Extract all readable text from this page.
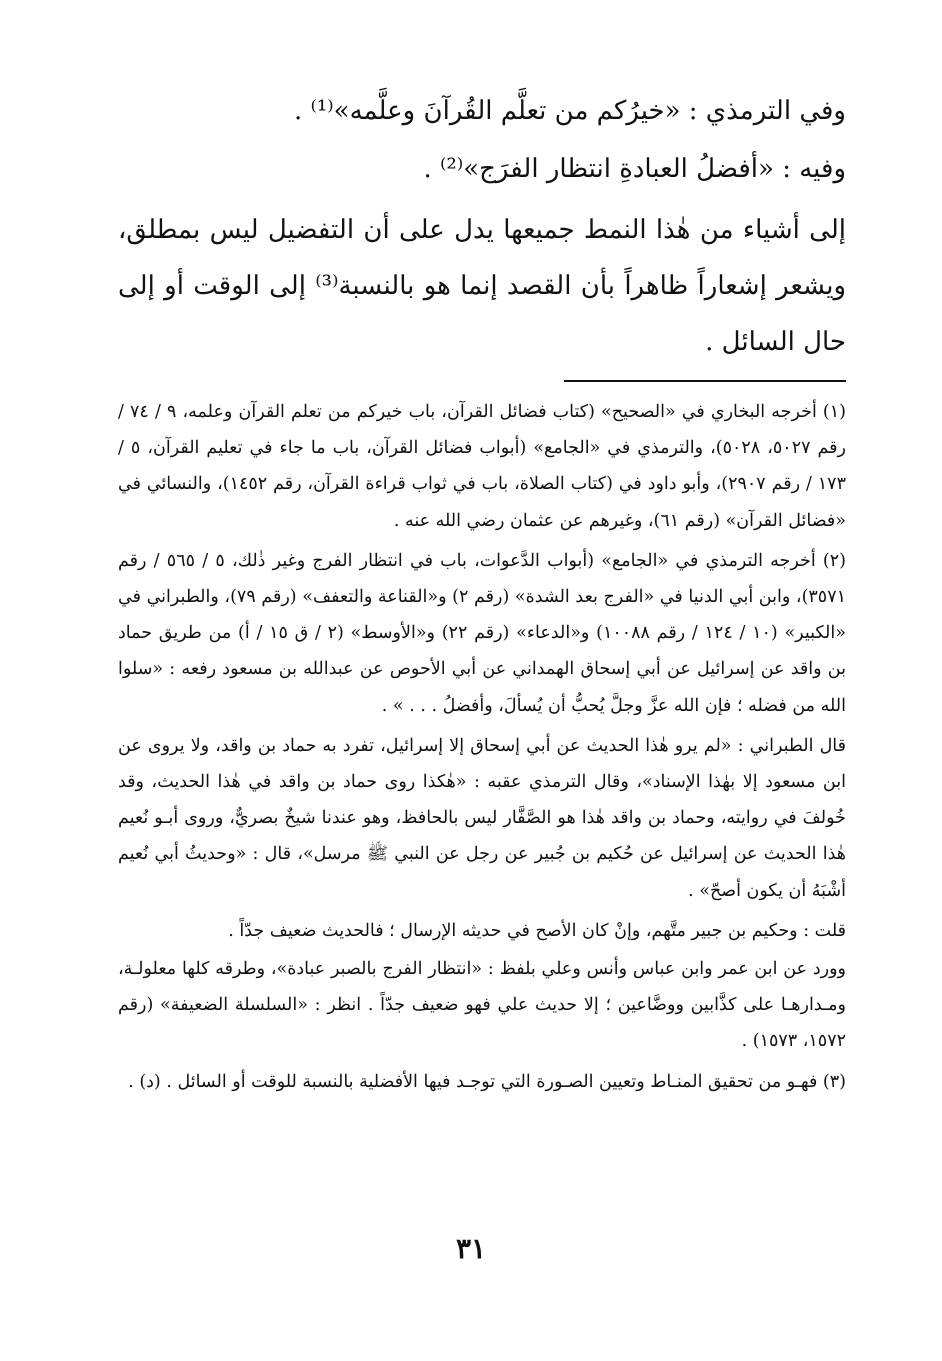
وفي الترمذي : «خيرُكم من تعلَّم القُرآنَ وعلَّمه»⁽¹⁾ .

وفيه : «أفضلُ العبادةِ انتظار الفرَج»⁽²⁾ .

إلى أشياء من هٰذا النمط جميعها يدل على أن التفضيل ليس بمطلق، ويشعر إشعاراً ظاهراً بأن القصد إنما هو بالنسبة⁽³⁾ إلى الوقت أو إلى حال السائل .

(١) أخرجه البخاري في «الصحيح» (كتاب فضائل القرآن، باب خيركم من تعلم القرآن وعلمه، ٩ / ٧٤ / رقم ٥٠٢٧، ٥٠٢٨)، والترمذي في «الجامع» (أبواب فضائل القرآن، باب ما جاء في تعليم القرآن، ٥ / ١٧٣ / رقم ٢٩٠٧)، وأبو داود في (كتاب الصلاة، باب في ثواب قراءة القرآن، رقم ١٤٥٢)، والنسائي في «فضائل القرآن» (رقم ٦١)، وغيرهم عن عثمان رضي الله عنه .

(٢) أخرجه الترمذي في «الجامع» (أبواب الدَّعوات، باب في انتظار الفرج وغير ذٰلك، ٥ / ٥٦٥ / رقم ٣٥٧١)، وابن أبي الدنيا في «الفرج بعد الشدة» (رقم ٢) و«القناعة والتعفف» (رقم ٧٩)، والطبراني في «الكبير» (١٠ / ١٢٤ / رقم ١٠٠٨٨) و«الدعاء» (رقم ٢٢) و«الأوسط» (٢ / ق ١٥ / أ) من طريق حماد بن واقد عن إسرائيل عن أبي إسحاق الهمداني عن أبي الأحوص عن عبدالله بن مسعود رفعه : «سلوا الله من فضله ؛ فإن الله عزَّ وجلَّ يُحبُّ أن يُسألَ، وأفضلُ . . . » .

قال الطبراني : «لم يرو هٰذا الحديث عن أبي إسحاق إلا إسرائيل، تفرد به حماد بن واقد، ولا يروى عن ابن مسعود إلا بهٰذا الإسناد»، وقال الترمذي عقبه : «هٰكذا روى حماد بن واقد في هٰذا الحديث، وقد خُولفَ في روايته، وحماد بن واقد هٰذا هو الصَّفَّار ليس بالحافظ، وهو عندنا شيخٌ بصريٌّ، وروى أبـو نُعيم هٰذا الحديث عن إسرائيل عن حُكيم بن جُبير عن رجل عن النبي ﷺ مرسل»، قال : «وحديثُ أبي نُعيم أشْبَهُ أن يكون أصحّ» .

قلت : وحكيم بن جبير متَّهم، وإنْ كان الأصح في حديثه الإرسال ؛ فالحديث ضعيف جدّاً .

وورد عن ابن عمر وابن عباس وأنس وعلي بلفظ : «انتظار الفرج بالصبر عبادة»، وطرقه كلها معلولـة، ومـدارهـا على كذَّابين ووضَّاعين ؛ إلا حديث علي فهو ضعيف جدّاً . انظر : «السلسلة الضعيفة» (رقم ١٥٧٢، ١٥٧٣) .

(٣) فهـو من تحقيق المنـاط وتعيين الصـورة التي توجـد فيها الأفضلية بالنسبة للوقت أو السائل . (د) .

٣١
